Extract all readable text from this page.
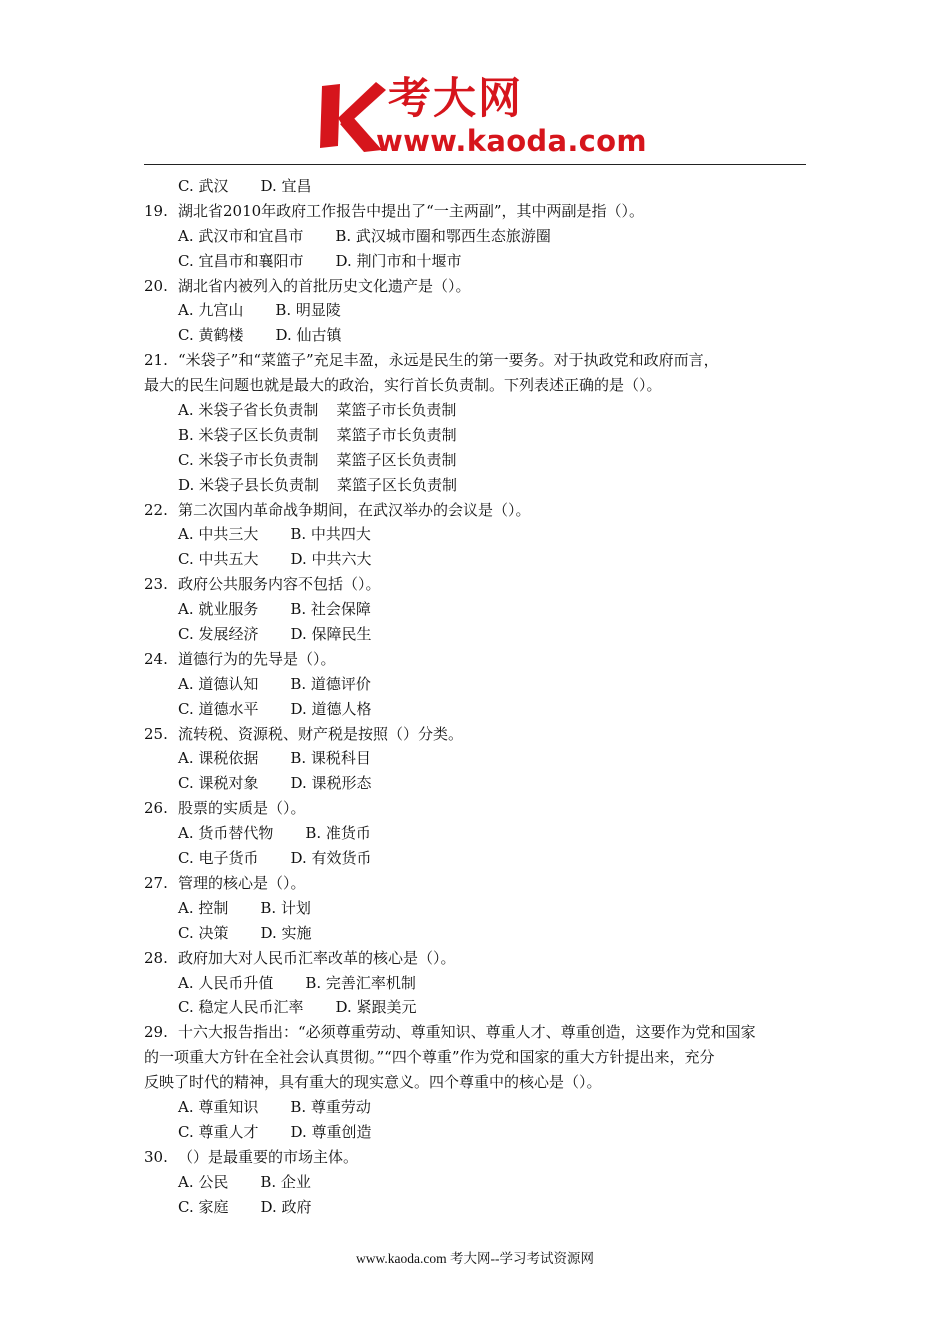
考大网
www.kaoda.com
C. 武汉 D. 宜昌
19. 湖北省2010年政府工作报告中提出了“一主两副”，其中两副是指（）。
A. 武汉市和宜昌市 B. 武汉城市圈和鄂西生态旅游圈
C. 宜昌市和襄阳市 D. 荆门市和十堰市
20. 湖北省内被列入的首批历史文化遗产是（）。
A. 九宫山 B. 明显陵
C. 黄鹤楼 D. 仙古镇
21. “米袋子”和“菜篮子”充足丰盈，永远是民生的第一要务。对于执政党和政府而言，
最大的民生问题也就是最大的政治，实行首长负责制。下列表述正确的是（）。
A. 米袋子省长负责制 菜篮子市长负责制
B. 米袋子区长负责制 菜篮子市长负责制
C. 米袋子市长负责制 菜篮子区长负责制
D. 米袋子县长负责制 菜篮子区长负责制
22. 第二次国内革命战争期间，在武汉举办的会议是（）。
A. 中共三大 B. 中共四大
C. 中共五大 D. 中共六大
23. 政府公共服务内容不包括（）。
A. 就业服务 B. 社会保障
C. 发展经济 D. 保障民生
24. 道德行为的先导是（）。
A. 道德认知 B. 道德评价
C. 道德水平 D. 道德人格
25. 流转税、资源税、财产税是按照（）分类。
A. 课税依据 B. 课税科目
C. 课税对象 D. 课税形态
26. 股票的实质是（）。
A. 货币替代物 B. 准货币
C. 电子货币 D. 有效货币
27. 管理的核心是（）。
A. 控制 B. 计划
C. 决策 D. 实施
28. 政府加大对人民币汇率改革的核心是（）。
A. 人民币升值 B. 完善汇率机制
C. 稳定人民币汇率 D. 紧跟美元
29. 十六大报告指出：“必须尊重劳动、尊重知识、尊重人才、尊重创造，这要作为党和国家
的一项重大方针在全社会认真贯彻。”“四个尊重”作为党和国家的重大方针提出来，充分
反映了时代的精神，具有重大的现实意义。四个尊重中的核心是（）。
A. 尊重知识 B. 尊重劳动
C. 尊重人才 D. 尊重创造
30. （）是最重要的市场主体。
A. 公民 B. 企业
C. 家庭 D. 政府
www.kaoda.com 考大网--学习考试资源网
